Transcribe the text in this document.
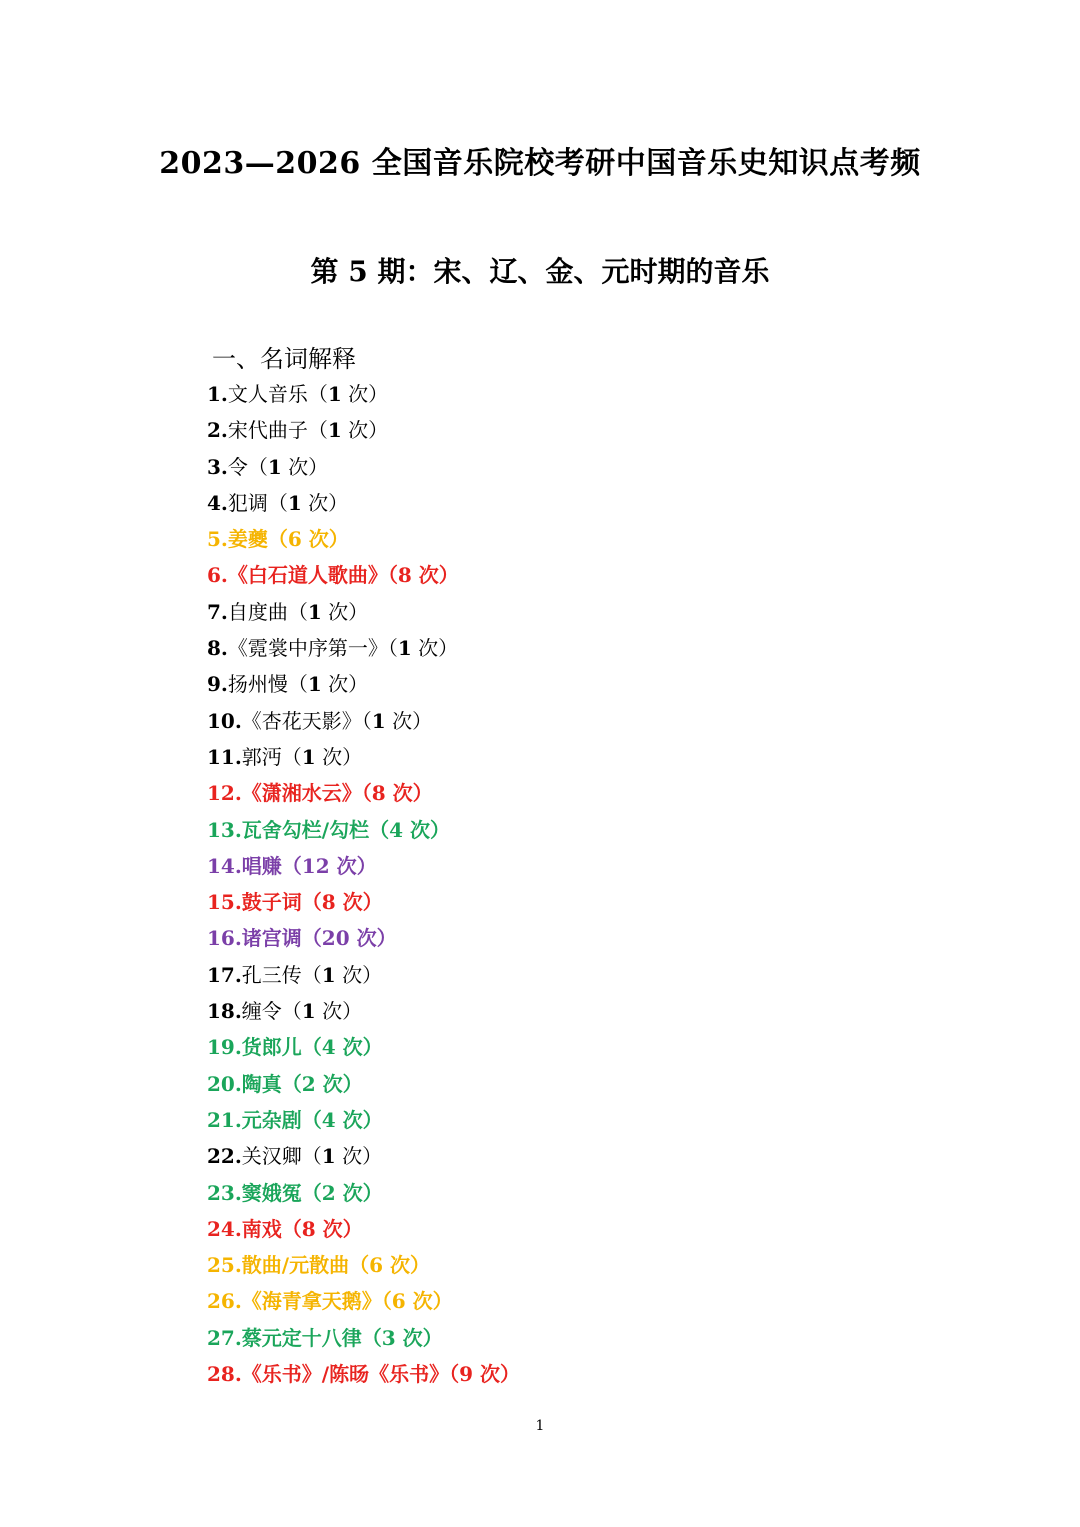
2023—2026 全国音乐院校考研中国音乐史知识点考频
第 5 期：宋、辽、金、元时期的音乐
一、名词解释
1.文人音乐（1 次）
2.宋代曲子（1 次）
3.令（1 次）
4.犯调（1 次）
5.姜夔（6 次）
6.《白石道人歌曲》（8 次）
7.自度曲（1 次）
8.《霓裳中序第一》（1 次）
9.扬州慢（1 次）
10.《杏花天影》（1 次）
11.郭沔（1 次）
12.《潇湘水云》（8 次）
13.瓦舍勾栏/勾栏（4 次）
14.唱赚（12 次）
15.鼓子词（8 次）
16.诸宫调（20 次）
17.孔三传（1 次）
18.缠令（1 次）
19.货郎儿（4 次）
20.陶真（2 次）
21.元杂剧（4 次）
22.关汉卿（1 次）
23.窦娥冤（2 次）
24.南戏（8 次）
25.散曲/元散曲（6 次）
26.《海青拿天鹅》（6 次）
27.蔡元定十八律（3 次）
28.《乐书》/陈旸《乐书》（9 次）
1
